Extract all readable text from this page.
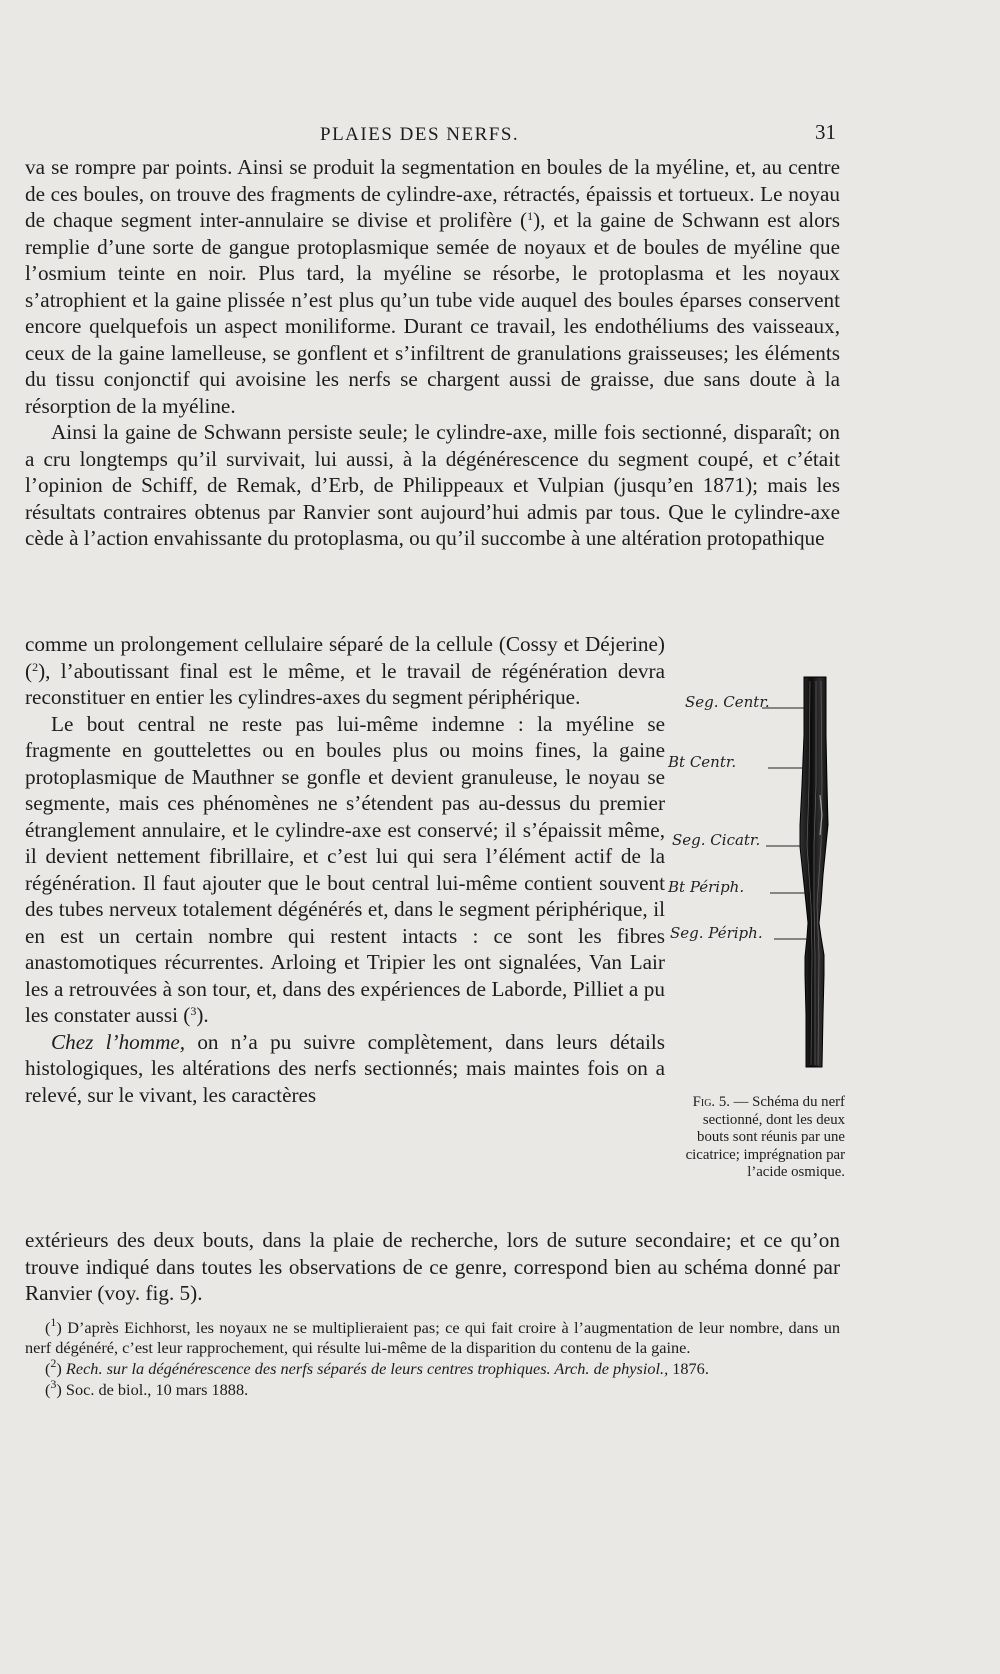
PLAIES DES NERFS.	31

va se rompre par points. Ainsi se produit la segmentation en boules de la myéline, et, au centre de ces boules, on trouve des fragments de cylindre-axe, rétractés, épaissis et tortueux. Le noyau de chaque segment inter-annulaire se divise et prolifère ($^1$), et la gaine de Schwann est alors remplie d’une sorte de gangue protoplasmique semée de noyaux et de boules de myéline que l’osmium teinte en noir. Plus tard, la myéline se résorbe, le protoplasma et les noyaux s’atrophient et la gaine plissée n’est plus qu’un tube vide auquel des boules éparses conservent encore quelquefois un aspect moniliforme. Durant ce travail, les endothéliums des vaisseaux, ceux de la gaine lamelleuse, se gonflent et s’infiltrent de granulations graisseuses; les éléments du tissu conjonctif qui avoisine les nerfs se chargent aussi de graisse, due sans doute à la résorption de la myéline.

Ainsi la gaine de Schwann persiste seule; le cylindre-axe, mille fois sectionné, disparaît; on a cru longtemps qu’il survivait, lui aussi, à la dégénérescence du segment coupé, et c’était l’opinion de Schiff, de Remak, d’Erb, de Philippeaux et Vulpian (jusqu’en 1871); mais les résultats contraires obtenus par Ranvier sont aujourd’hui admis par tous. Que le cylindre-axe cède à l’action envahissante du protoplasma, ou qu’il succombe à une altération protopathique

comme un prolongement cellulaire séparé de la cellule (Cossy et Déjerine) ($^2$), l’aboutissant final est le même, et le travail de régénération devra reconstituer en entier les cylindres-axes du segment périphérique.

Le bout central ne reste pas lui-même indemne : la myéline se fragmente en gouttelettes ou en boules plus ou moins fines, la gaine protoplasmique de Mauthner se gonfle et devient granuleuse, le noyau se segmente, mais ces phénomènes ne s’étendent pas au-dessus du premier étranglement annulaire, et le cylindre-axe est conservé; il s’épaissit même, il devient nettement fibrillaire, et c’est lui qui sera l’élément actif de la régénération. Il faut ajouter que le bout central lui-même contient souvent des tubes nerveux totalement dégénérés et, dans le segment périphérique, il en est un certain nombre qui restent intacts : ce sont les fibres anastomotiques récurrentes. Arloing et Tripier les ont signalées, Van Lair les a retrouvées à son tour, et, dans des expériences de Laborde, Pilliet a pu les constater aussi ($^3$).

Chez l’homme, on n’a pu suivre complètement, dans leurs détails histologiques, les altérations des nerfs sectionnés; mais maintes fois on a relevé, sur le vivant, les caractères

extérieurs des deux bouts, dans la plaie de recherche, lors de suture secondaire; et ce qu’on trouve indiqué dans toutes les observations de ce genre, correspond bien au schéma donné par Ranvier (voy. fig. 5).

Seg. Centr.
Bt Centr.
Seg. Cicatr.
Bt Périph.
Seg. Périph.
Fig. 5. — Schéma du nerf sectionné, dont les deux bouts sont réunis par une cicatrice; imprégnation par l’acide osmique.

($^1$) D’après Eichhorst, les noyaux ne se multiplieraient pas; ce qui fait croire à l’augmentation de leur nombre, dans un nerf dégénéré, c’est leur rapprochement, qui résulte lui-même de la disparition du contenu de la gaine.

($^2$) Rech. sur la dégénérescence des nerfs séparés de leurs centres trophiques. Arch. de physiol., 1876.

($^3$) Soc. de biol., 10 mars 1888.
